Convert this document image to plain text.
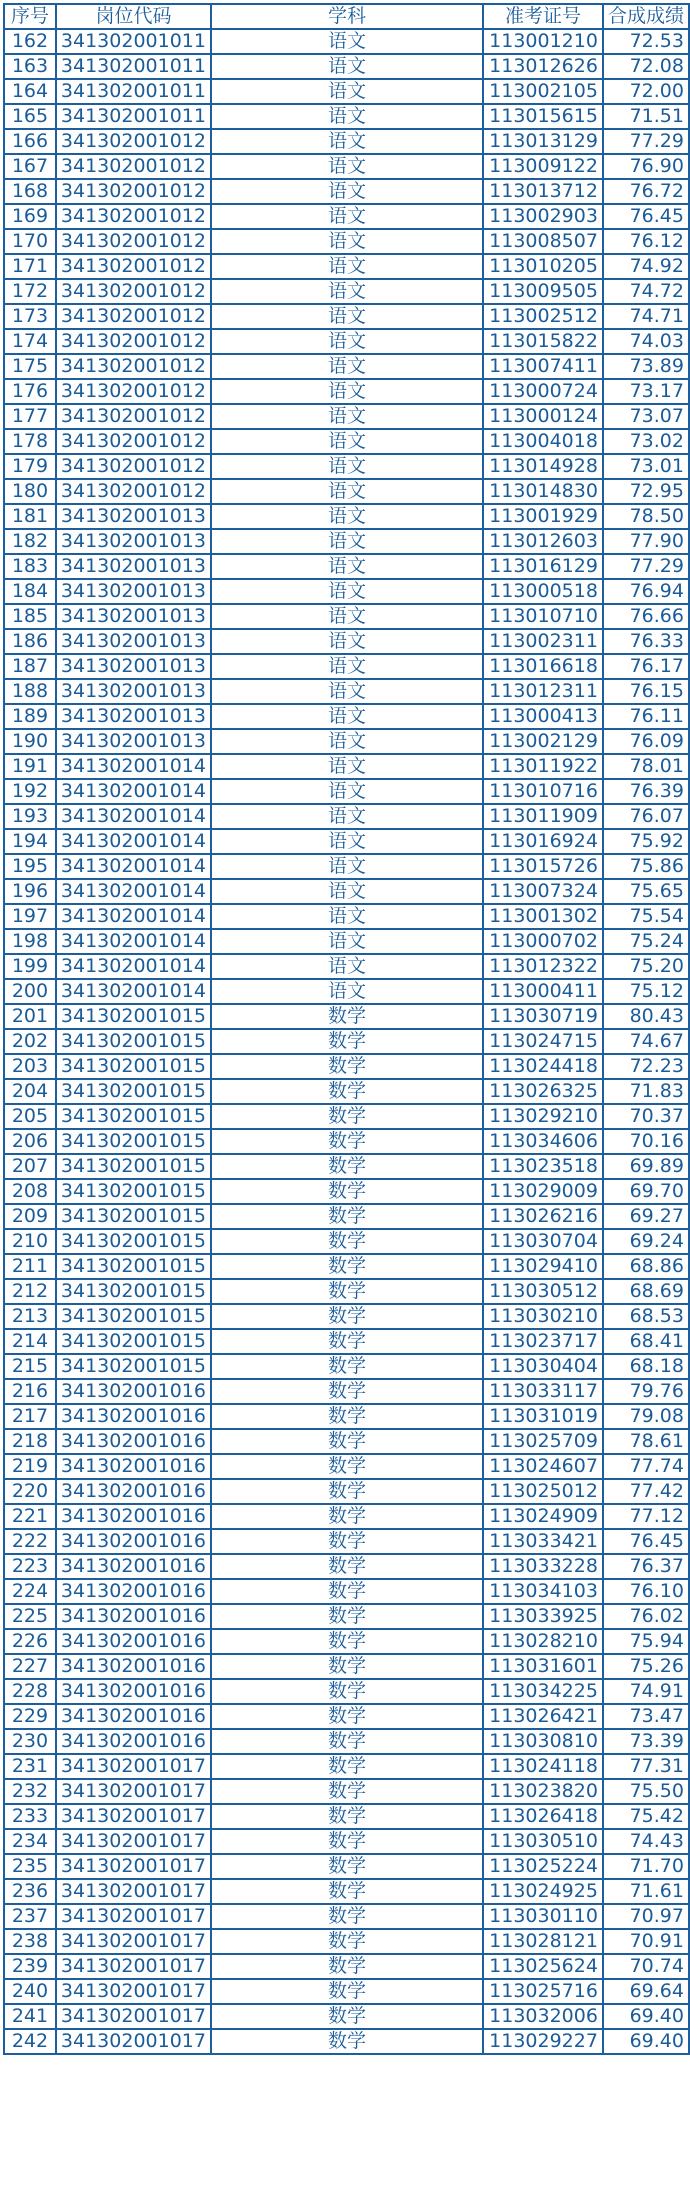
序号	岗位代码	学科	准考证号	合成成绩
162	341302001011	语文	113001210	72.53
163	341302001011	语文	113012626	72.08
164	341302001011	语文	113002105	72.00
165	341302001011	语文	113015615	71.51
166	341302001012	语文	113013129	77.29
167	341302001012	语文	113009122	76.90
168	341302001012	语文	113013712	76.72
169	341302001012	语文	113002903	76.45
170	341302001012	语文	113008507	76.12
171	341302001012	语文	113010205	74.92
172	341302001012	语文	113009505	74.72
173	341302001012	语文	113002512	74.71
174	341302001012	语文	113015822	74.03
175	341302001012	语文	113007411	73.89
176	341302001012	语文	113000724	73.17
177	341302001012	语文	113000124	73.07
178	341302001012	语文	113004018	73.02
179	341302001012	语文	113014928	73.01
180	341302001012	语文	113014830	72.95
181	341302001013	语文	113001929	78.50
182	341302001013	语文	113012603	77.90
183	341302001013	语文	113016129	77.29
184	341302001013	语文	113000518	76.94
185	341302001013	语文	113010710	76.66
186	341302001013	语文	113002311	76.33
187	341302001013	语文	113016618	76.17
188	341302001013	语文	113012311	76.15
189	341302001013	语文	113000413	76.11
190	341302001013	语文	113002129	76.09
191	341302001014	语文	113011922	78.01
192	341302001014	语文	113010716	76.39
193	341302001014	语文	113011909	76.07
194	341302001014	语文	113016924	75.92
195	341302001014	语文	113015726	75.86
196	341302001014	语文	113007324	75.65
197	341302001014	语文	113001302	75.54
198	341302001014	语文	113000702	75.24
199	341302001014	语文	113012322	75.20
200	341302001014	语文	113000411	75.12
201	341302001015	数学	113030719	80.43
202	341302001015	数学	113024715	74.67
203	341302001015	数学	113024418	72.23
204	341302001015	数学	113026325	71.83
205	341302001015	数学	113029210	70.37
206	341302001015	数学	113034606	70.16
207	341302001015	数学	113023518	69.89
208	341302001015	数学	113029009	69.70
209	341302001015	数学	113026216	69.27
210	341302001015	数学	113030704	69.24
211	341302001015	数学	113029410	68.86
212	341302001015	数学	113030512	68.69
213	341302001015	数学	113030210	68.53
214	341302001015	数学	113023717	68.41
215	341302001015	数学	113030404	68.18
216	341302001016	数学	113033117	79.76
217	341302001016	数学	113031019	79.08
218	341302001016	数学	113025709	78.61
219	341302001016	数学	113024607	77.74
220	341302001016	数学	113025012	77.42
221	341302001016	数学	113024909	77.12
222	341302001016	数学	113033421	76.45
223	341302001016	数学	113033228	76.37
224	341302001016	数学	113034103	76.10
225	341302001016	数学	113033925	76.02
226	341302001016	数学	113028210	75.94
227	341302001016	数学	113031601	75.26
228	341302001016	数学	113034225	74.91
229	341302001016	数学	113026421	73.47
230	341302001016	数学	113030810	73.39
231	341302001017	数学	113024118	77.31
232	341302001017	数学	113023820	75.50
233	341302001017	数学	113026418	75.42
234	341302001017	数学	113030510	74.43
235	341302001017	数学	113025224	71.70
236	341302001017	数学	113024925	71.61
237	341302001017	数学	113030110	70.97
238	341302001017	数学	113028121	70.91
239	341302001017	数学	113025624	70.74
240	341302001017	数学	113025716	69.64
241	341302001017	数学	113032006	69.40
242	341302001017	数学	113029227	69.40
